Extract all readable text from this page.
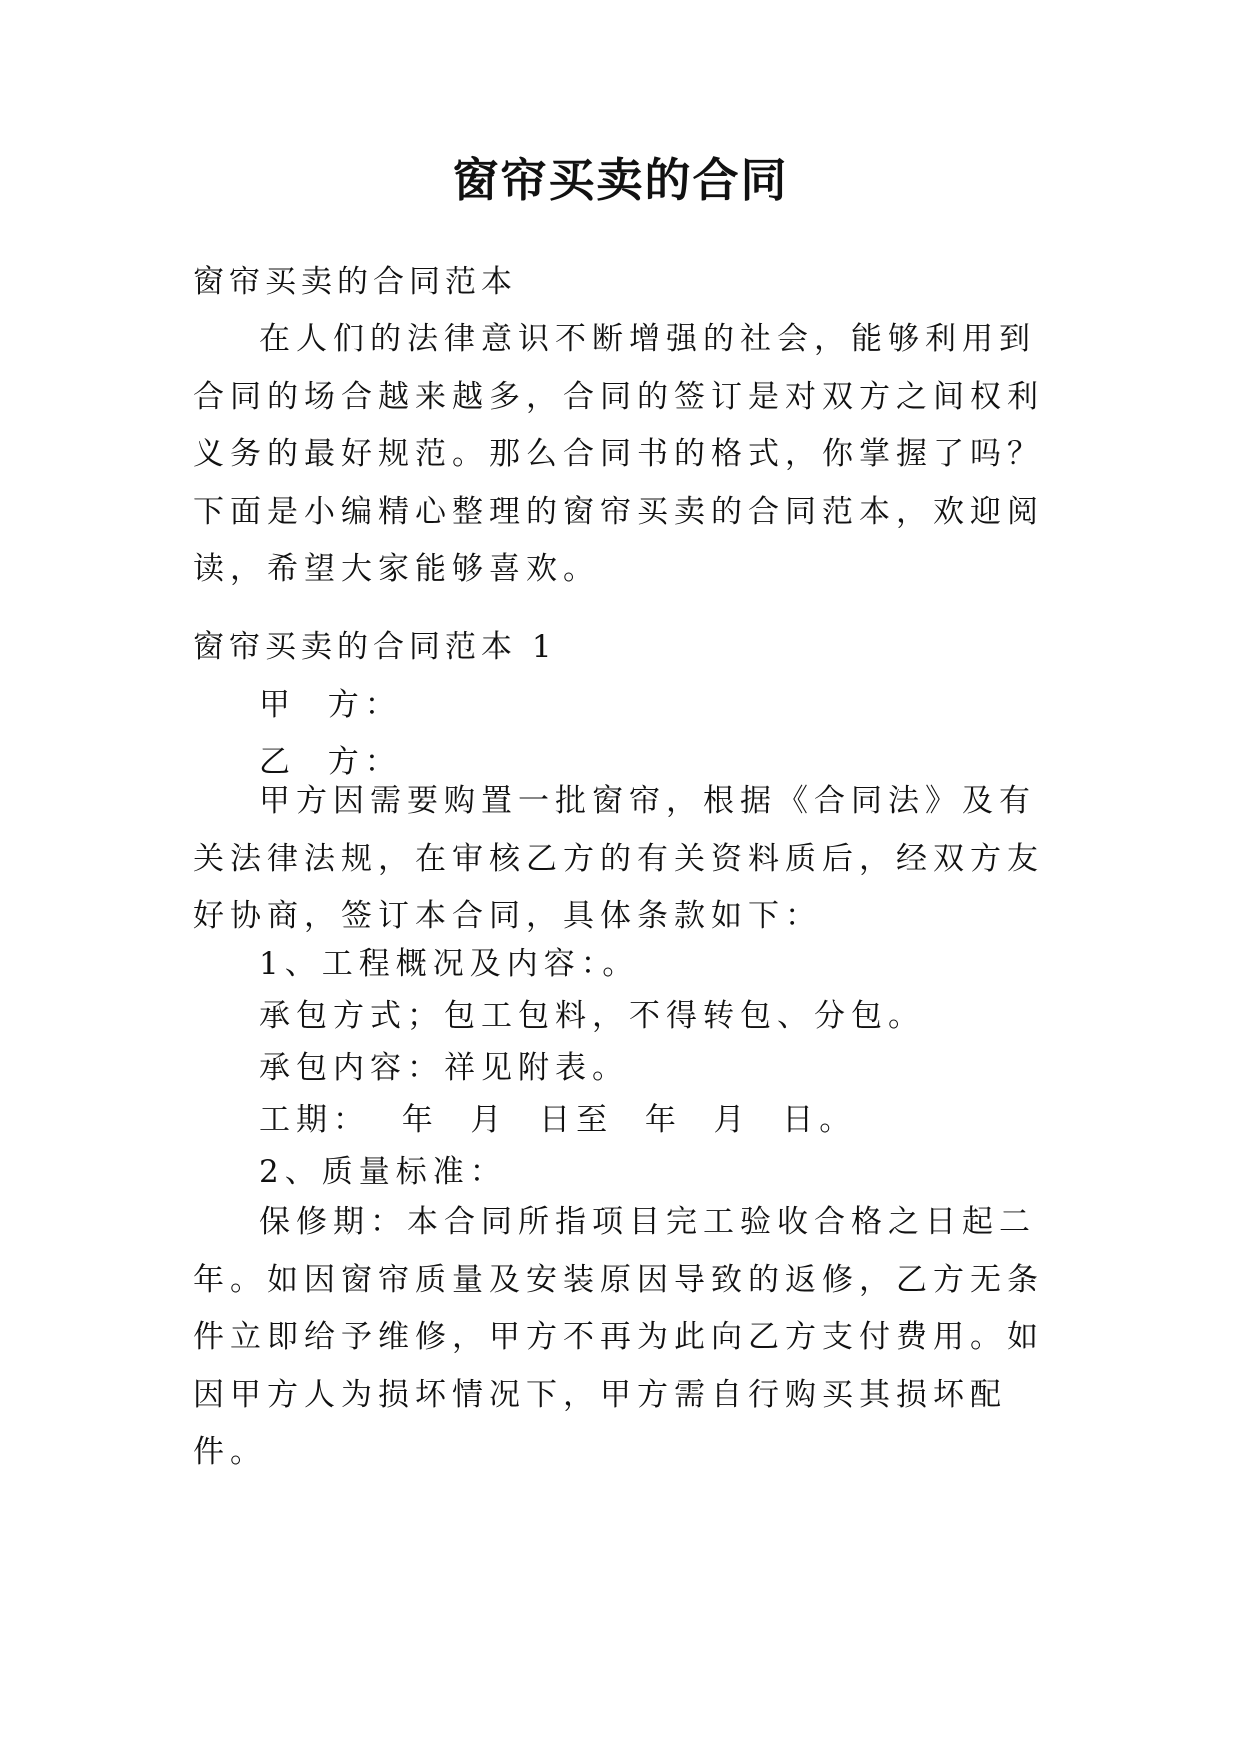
窗帘买卖的合同

窗帘买卖的合同范本

在人们的法律意识不断增强的社会，能够利用到合同的场合越来越多，合同的签订是对双方之间权利义务的最好规范。那么合同书的格式，你掌握了吗？下面是小编精心整理的窗帘买卖的合同范本，欢迎阅读，希望大家能够喜欢。

窗帘买卖的合同范本 1

甲  方：

乙  方：

甲方因需要购置一批窗帘，根据《合同法》及有关法律法规，在审核乙方的有关资料质后，经双方友好协商，签订本合同，具体条款如下：

1、工程概况及内容：。

承包方式；包工包料，不得转包、分包。

承包内容：祥见附表。

工期：  年  月  日至  年  月  日。

2、质量标准：

保修期：本合同所指项目完工验收合格之日起二年。如因窗帘质量及安装原因导致的返修，乙方无条件立即给予维修，甲方不再为此向乙方支付费用。如因甲方人为损坏情况下，甲方需自行购买其损坏配件。
